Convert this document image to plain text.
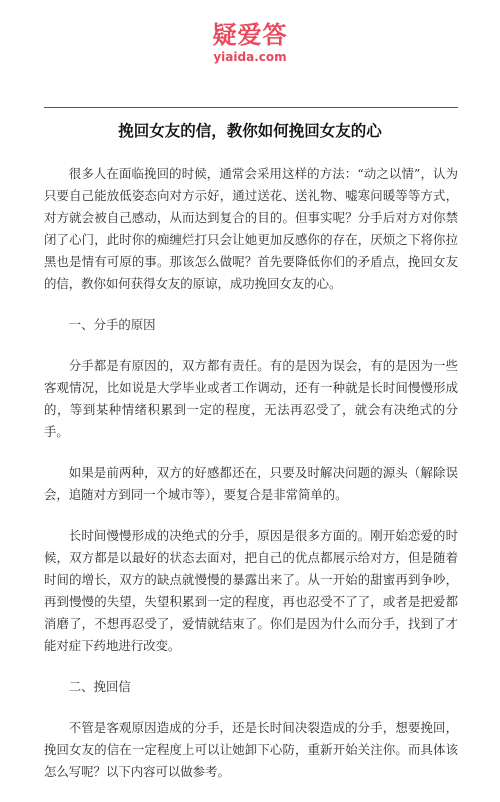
疑爱答
yiaida.com
挽回女友的信，教你如何挽回女友的心

很多人在面临挽回的时候，通常会采用这样的方法：“动之以情”，认为只要自己能放低姿态向对方示好，通过送花、送礼物、嘘寒问暖等等方式，对方就会被自己感动，从而达到复合的目的。但事实呢？分手后对方对你禁闭了心门，此时你的痴缠烂打只会让她更加反感你的存在，厌烦之下将你拉黑也是情有可原的事。那该怎么做呢？首先要降低你们的矛盾点，挽回女友的信，教你如何获得女友的原谅，成功挽回女友的心。

一、分手的原因

分手都是有原因的，双方都有责任。有的是因为误会，有的是因为一些客观情况，比如说是大学毕业或者工作调动，还有一种就是长时间慢慢形成的，等到某种情绪积累到一定的程度，无法再忍受了，就会有决绝式的分手。

如果是前两种，双方的好感都还在，只要及时解决问题的源头（解除误会，追随对方到同一个城市等），要复合是非常简单的。

长时间慢慢形成的决绝式的分手，原因是很多方面的。刚开始恋爱的时候，双方都是以最好的状态去面对，把自己的优点都展示给对方，但是随着时间的增长，双方的缺点就慢慢的暴露出来了。从一开始的甜蜜再到争吵，再到慢慢的失望，失望积累到一定的程度，再也忍受不了了，或者是把爱都消磨了，不想再忍受了，爱情就结束了。你们是因为什么而分手，找到了才能对症下药地进行改变。

二、挽回信

不管是客观原因造成的分手，还是长时间决裂造成的分手，想要挽回，挽回女友的信在一定程度上可以让她卸下心防，重新开始关注你。而具体该怎么写呢？以下内容可以做参考。
